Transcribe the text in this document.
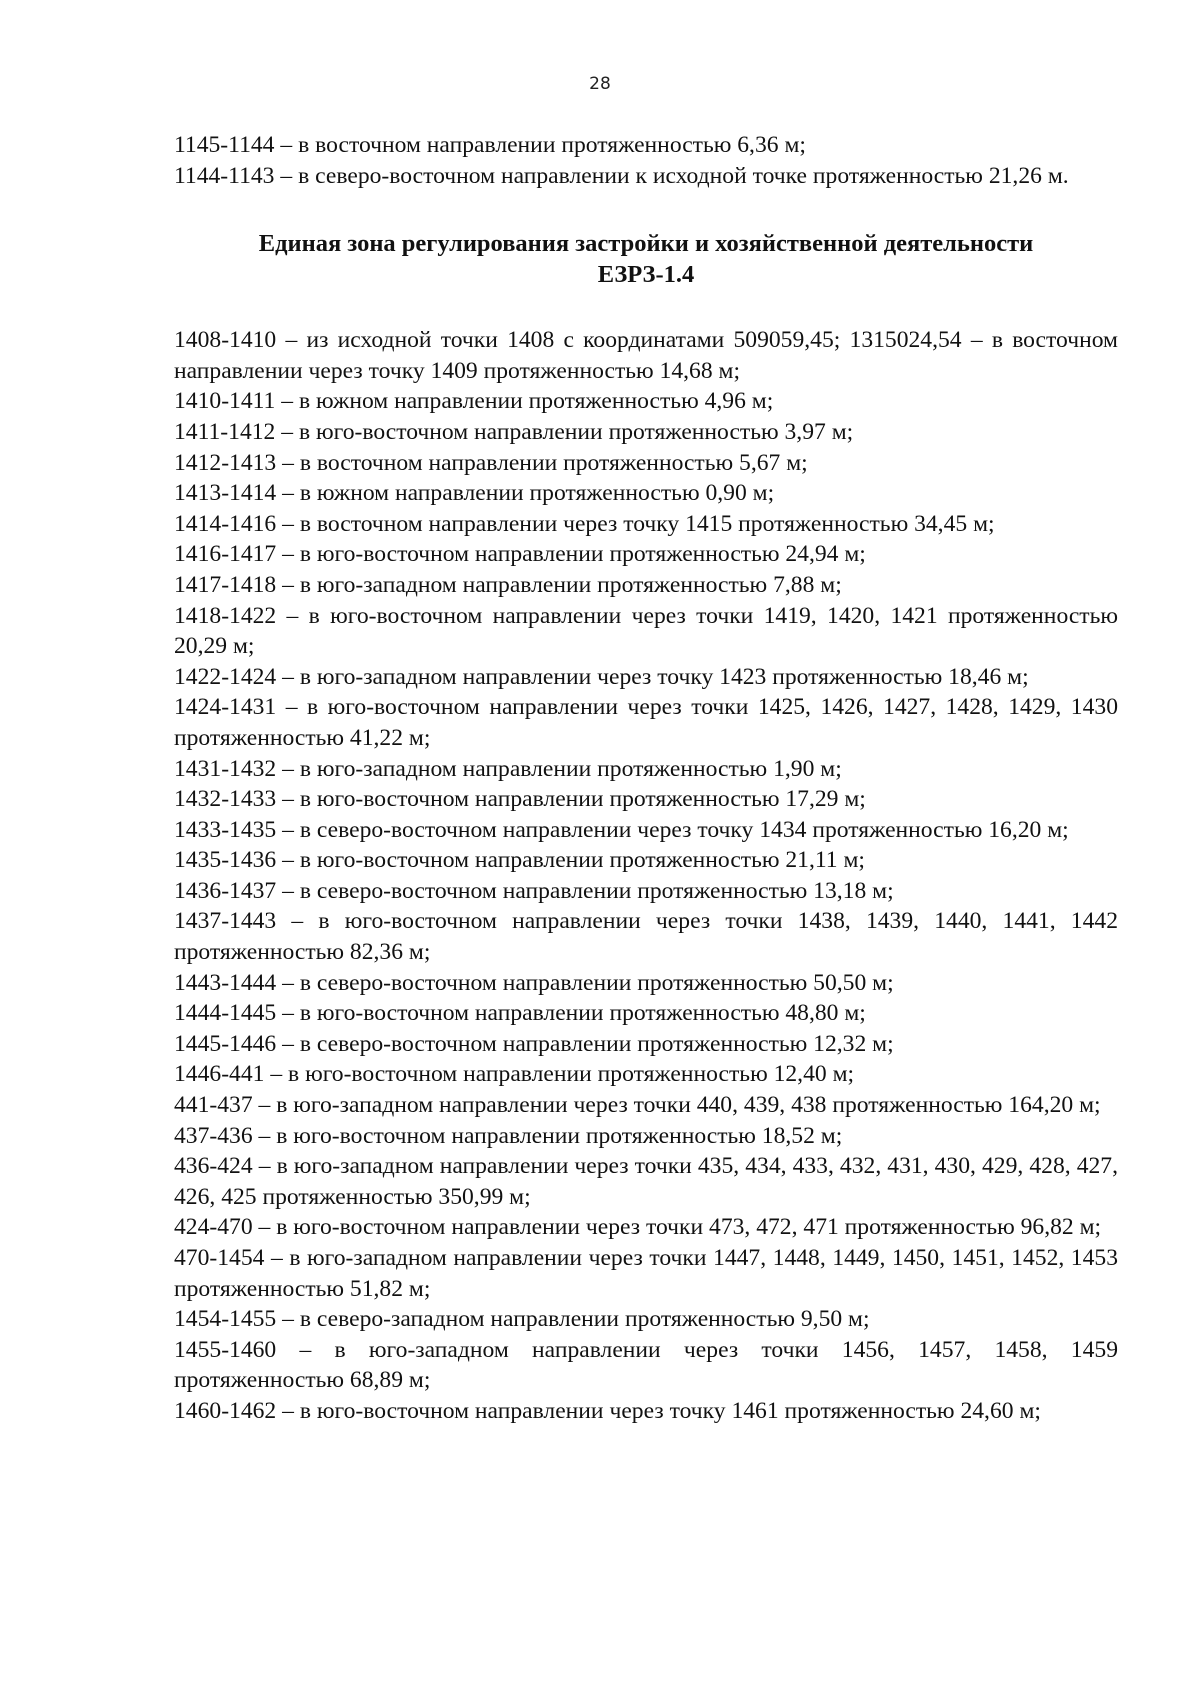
28

1145-1144 – в восточном направлении протяженностью 6,36 м;

1144-1143 – в северо-восточном направлении к исходной точке протяженностью 21,26 м.

Единая зона регулирования застройки и хозяйственной деятельности
ЕЗРЗ-1.4

1408-1410 – из исходной точки 1408 с координатами 509059,45; 1315024,54 – в восточном направлении через точку 1409 протяженностью 14,68 м;

1410-1411 – в южном направлении протяженностью 4,96 м;

1411-1412 – в юго-восточном направлении протяженностью 3,97 м;

1412-1413 – в восточном направлении протяженностью 5,67 м;

1413-1414 – в южном направлении протяженностью 0,90 м;

1414-1416 – в восточном направлении через точку 1415 протяженностью 34,45 м;

1416-1417 – в юго-восточном направлении протяженностью 24,94 м;

1417-1418 – в юго-западном направлении протяженностью 7,88 м;

1418-1422 – в юго-восточном направлении через точки 1419, 1420, 1421 протяженностью 20,29 м;

1422-1424 – в юго-западном направлении через точку 1423 протяженностью 18,46 м;

1424-1431 – в юго-восточном направлении через точки 1425, 1426, 1427, 1428, 1429, 1430 протяженностью 41,22 м;

1431-1432 – в юго-западном направлении протяженностью 1,90 м;

1432-1433 – в юго-восточном направлении протяженностью 17,29 м;

1433-1435 – в северо-восточном направлении через точку 1434 протяженностью 16,20 м;

1435-1436 – в юго-восточном направлении протяженностью 21,11 м;

1436-1437 – в северо-восточном направлении протяженностью 13,18 м;

1437-1443 – в юго-восточном направлении через точки 1438, 1439, 1440, 1441, 1442 протяженностью 82,36 м;

1443-1444 – в северо-восточном направлении протяженностью 50,50 м;

1444-1445 – в юго-восточном направлении протяженностью 48,80 м;

1445-1446 – в северо-восточном направлении протяженностью 12,32 м;

1446-441 – в юго-восточном направлении протяженностью 12,40 м;

441-437 – в юго-западном направлении через точки 440, 439, 438 протяженностью 164,20 м;

437-436 – в юго-восточном направлении протяженностью 18,52 м;

436-424 – в юго-западном направлении через точки 435, 434, 433, 432, 431, 430, 429, 428, 427, 426, 425 протяженностью 350,99 м;

424-470 – в юго-восточном направлении через точки 473, 472, 471 протяженностью 96,82 м;

470-1454 – в юго-западном направлении через точки 1447, 1448, 1449, 1450, 1451, 1452, 1453 протяженностью 51,82 м;

1454-1455 – в северо-западном направлении протяженностью 9,50 м;

1455-1460 – в юго-западном направлении через точки 1456, 1457, 1458, 1459 протяженностью 68,89 м;

1460-1462 – в юго-восточном направлении через точку 1461 протяженностью 24,60 м;
